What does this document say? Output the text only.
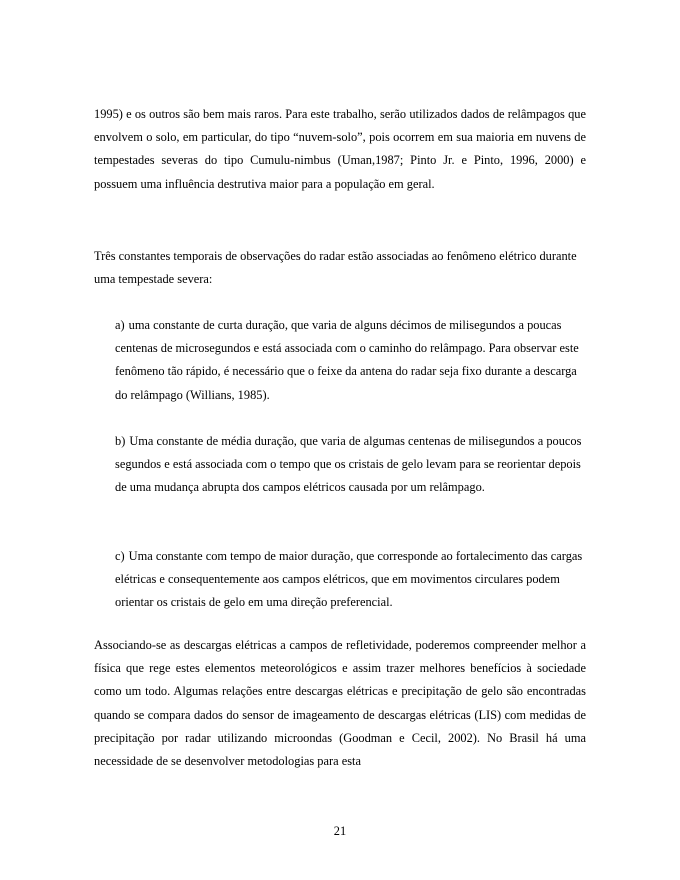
1995) e os outros são bem mais raros. Para este trabalho, serão utilizados dados de relâmpagos que envolvem o solo, em particular, do tipo “nuvem-solo”, pois ocorrem em sua maioria em nuvens de tempestades severas do tipo Cumulu-nimbus (Uman,1987; Pinto Jr. e Pinto, 1996, 2000) e possuem uma influência destrutiva maior para a população em geral.

Três constantes temporais de observações do radar estão associadas ao fenômeno elétrico durante uma tempestade severa:

a) uma constante de curta duração, que varia de alguns décimos de milisegundos a poucas centenas de microsegundos e está associada com o caminho do relâmpago. Para observar este fenômeno tão rápido, é necessário que o feixe da antena do radar seja fixo durante a descarga do relâmpago (Willians, 1985).

b) Uma constante de média duração, que varia de algumas centenas de milisegundos a poucos segundos e está associada com o tempo que os cristais de gelo levam para se reorientar depois de uma mudança abrupta dos campos elétricos causada por um relâmpago.

c) Uma constante com tempo de maior duração, que corresponde ao fortalecimento das cargas elétricas e consequentemente aos campos elétricos, que em movimentos circulares podem orientar os cristais de gelo em uma direção preferencial.

Associando-se as descargas elétricas a campos de refletividade, poderemos compreender melhor a física que rege estes elementos meteorológicos e assim trazer melhores benefícios à sociedade como um todo. Algumas relações entre descargas elétricas e precipitação de gelo são encontradas quando se compara dados do sensor de imageamento de descargas elétricas (LIS) com medidas de precipitação por radar utilizando microondas (Goodman e Cecil, 2002). No Brasil há uma necessidade de se desenvolver metodologias para esta

21
